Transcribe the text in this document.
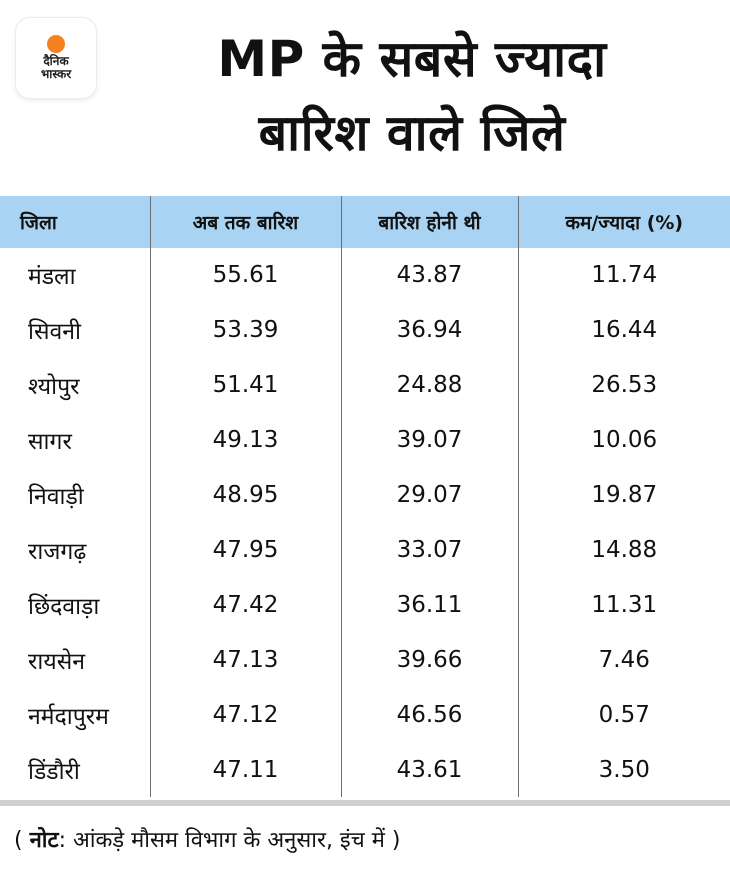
दैनिक
भास्कर	MP के सबसे ज्यादा
बारिश वाले जिले
जिला	अब तक बारिश	बारिश होनी थी	कम/ज्यादा (%)
मंडला	55.61	43.87	11.74
सिवनी	53.39	36.94	16.44
श्योपुर	51.41	24.88	26.53
सागर	49.13	39.07	10.06
निवाड़ी	48.95	29.07	19.87
राजगढ़	47.95	33.07	14.88
छिंदवाड़ा	47.42	36.11	11.31
रायसेन	47.13	39.66	7.46
नर्मदापुरम	47.12	46.56	0.57
डिंडौरी	47.11	43.61	3.50
( नोट: आंकड़े मौसम विभाग के अनुसार, इंच में )
